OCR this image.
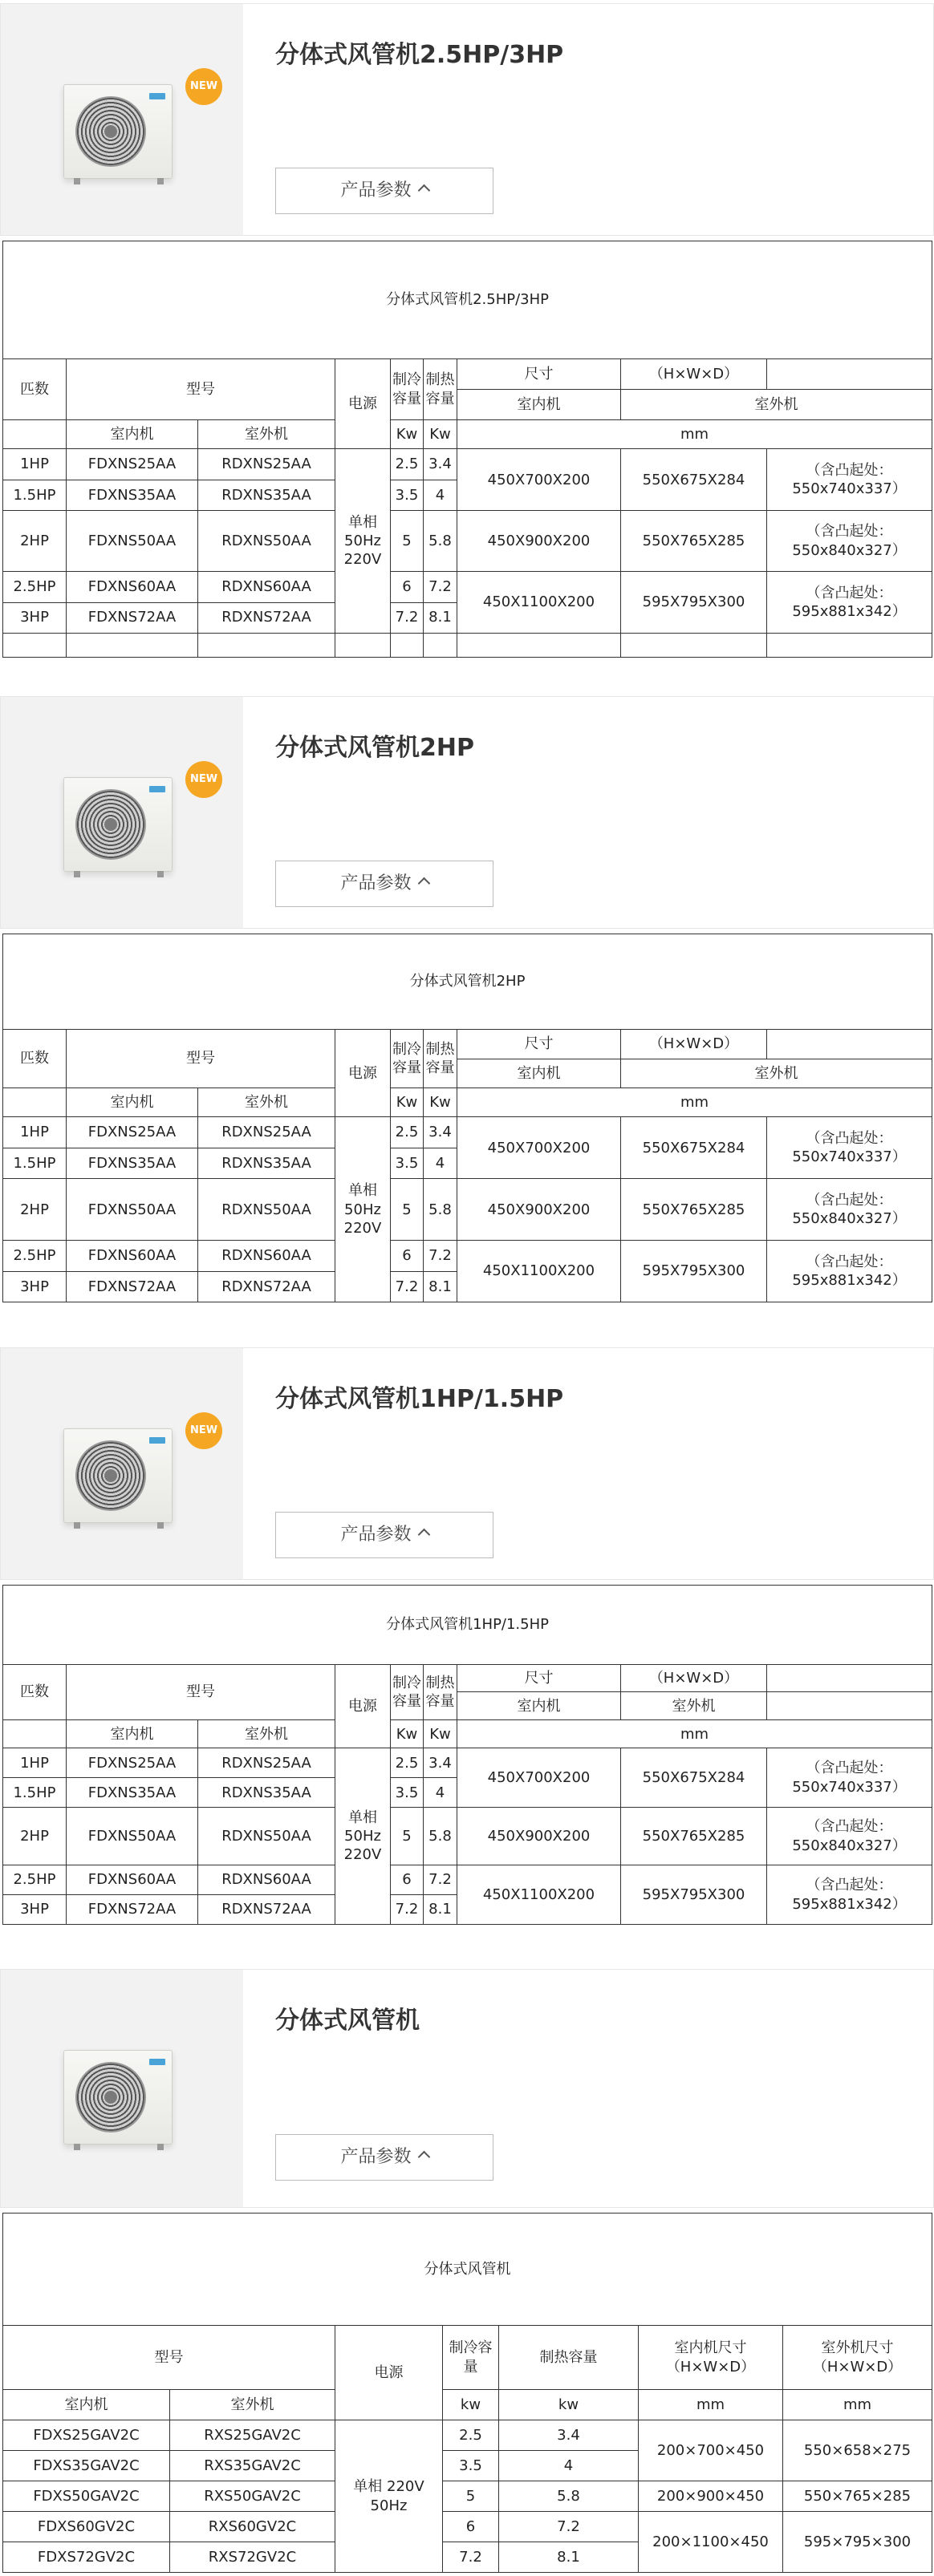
NEW
分体式风管机2.5HP/3HP
产品参数
分体式风管机2.5HP/3HP								
匹数	型号		电源	制冷容量	制热容量	尺寸	（H×W×D）	
						室内机	室外机	
	室内机	室外机		Kw	Kw	mm		
1HP	FDXNS25AA	RDXNS25AA	单相 50Hz 220V	2.5	3.4	450X700X200	550X675X284	（含凸起处：550x740x337）
1.5HP	FDXNS35AA	RDXNS35AA		3.5	4			
2HP	FDXNS50AA	RDXNS50AA		5	5.8	450X900X200	550X765X285	（含凸起处：550x840x327）
2.5HP	FDXNS60AA	RDXNS60AA		6	7.2	450X1100X200	595X795X300	（含凸起处：595x881x342）
3HP	FDXNS72AA	RDXNS72AA		7.2	8.1			

NEW
分体式风管机2HP
产品参数
分体式风管机2HP								
匹数	型号		电源	制冷容量	制热容量	尺寸	（H×W×D）	
						室内机	室外机	
	室内机	室外机		Kw	Kw	mm		
1HP	FDXNS25AA	RDXNS25AA	单相 50Hz 220V	2.5	3.4	450X700X200	550X675X284	（含凸起处：550x740x337）
1.5HP	FDXNS35AA	RDXNS35AA		3.5	4			
2HP	FDXNS50AA	RDXNS50AA		5	5.8	450X900X200	550X765X285	（含凸起处：550x840x327）
2.5HP	FDXNS60AA	RDXNS60AA		6	7.2	450X1100X200	595X795X300	（含凸起处：595x881x342）
3HP	FDXNS72AA	RDXNS72AA		7.2	8.1			
NEW
分体式风管机1HP/1.5HP
产品参数
分体式风管机1HP/1.5HP								
匹数	型号		电源	制冷容量	制热容量	尺寸	（H×W×D）	
						室内机	室外机	
	室内机	室外机		Kw	Kw	mm		
1HP	FDXNS25AA	RDXNS25AA	单相 50Hz 220V	2.5	3.4	450X700X200	550X675X284	（含凸起处：550x740x337）
1.5HP	FDXNS35AA	RDXNS35AA		3.5	4			
2HP	FDXNS50AA	RDXNS50AA		5	5.8	450X900X200	550X765X285	（含凸起处：550x840x327）
2.5HP	FDXNS60AA	RDXNS60AA		6	7.2	450X1100X200	595X795X300	（含凸起处：595x881x342）
3HP	FDXNS72AA	RDXNS72AA		7.2	8.1			
分体式风管机
产品参数
分体式风管机						
型号		电源	制冷容量	制热容量	室内机尺寸（H×W×D）	室外机尺寸（H×W×D）
室内机	室外机		kw	kw	mm	mm
FDXS25GAV2C	RXS25GAV2C	单相 220V 50Hz	2.5	3.4	200×700×450	550×658×275
FDXS35GAV2C	RXS35GAV2C		3.5	4		
FDXS50GAV2C	RXS50GAV2C		5	5.8	200×900×450	550×765×285
FDXS60GV2C	RXS60GV2C		6	7.2	200×1100×450	595×795×300
FDXS72GV2C	RXS72GV2C		7.2	8.1		
